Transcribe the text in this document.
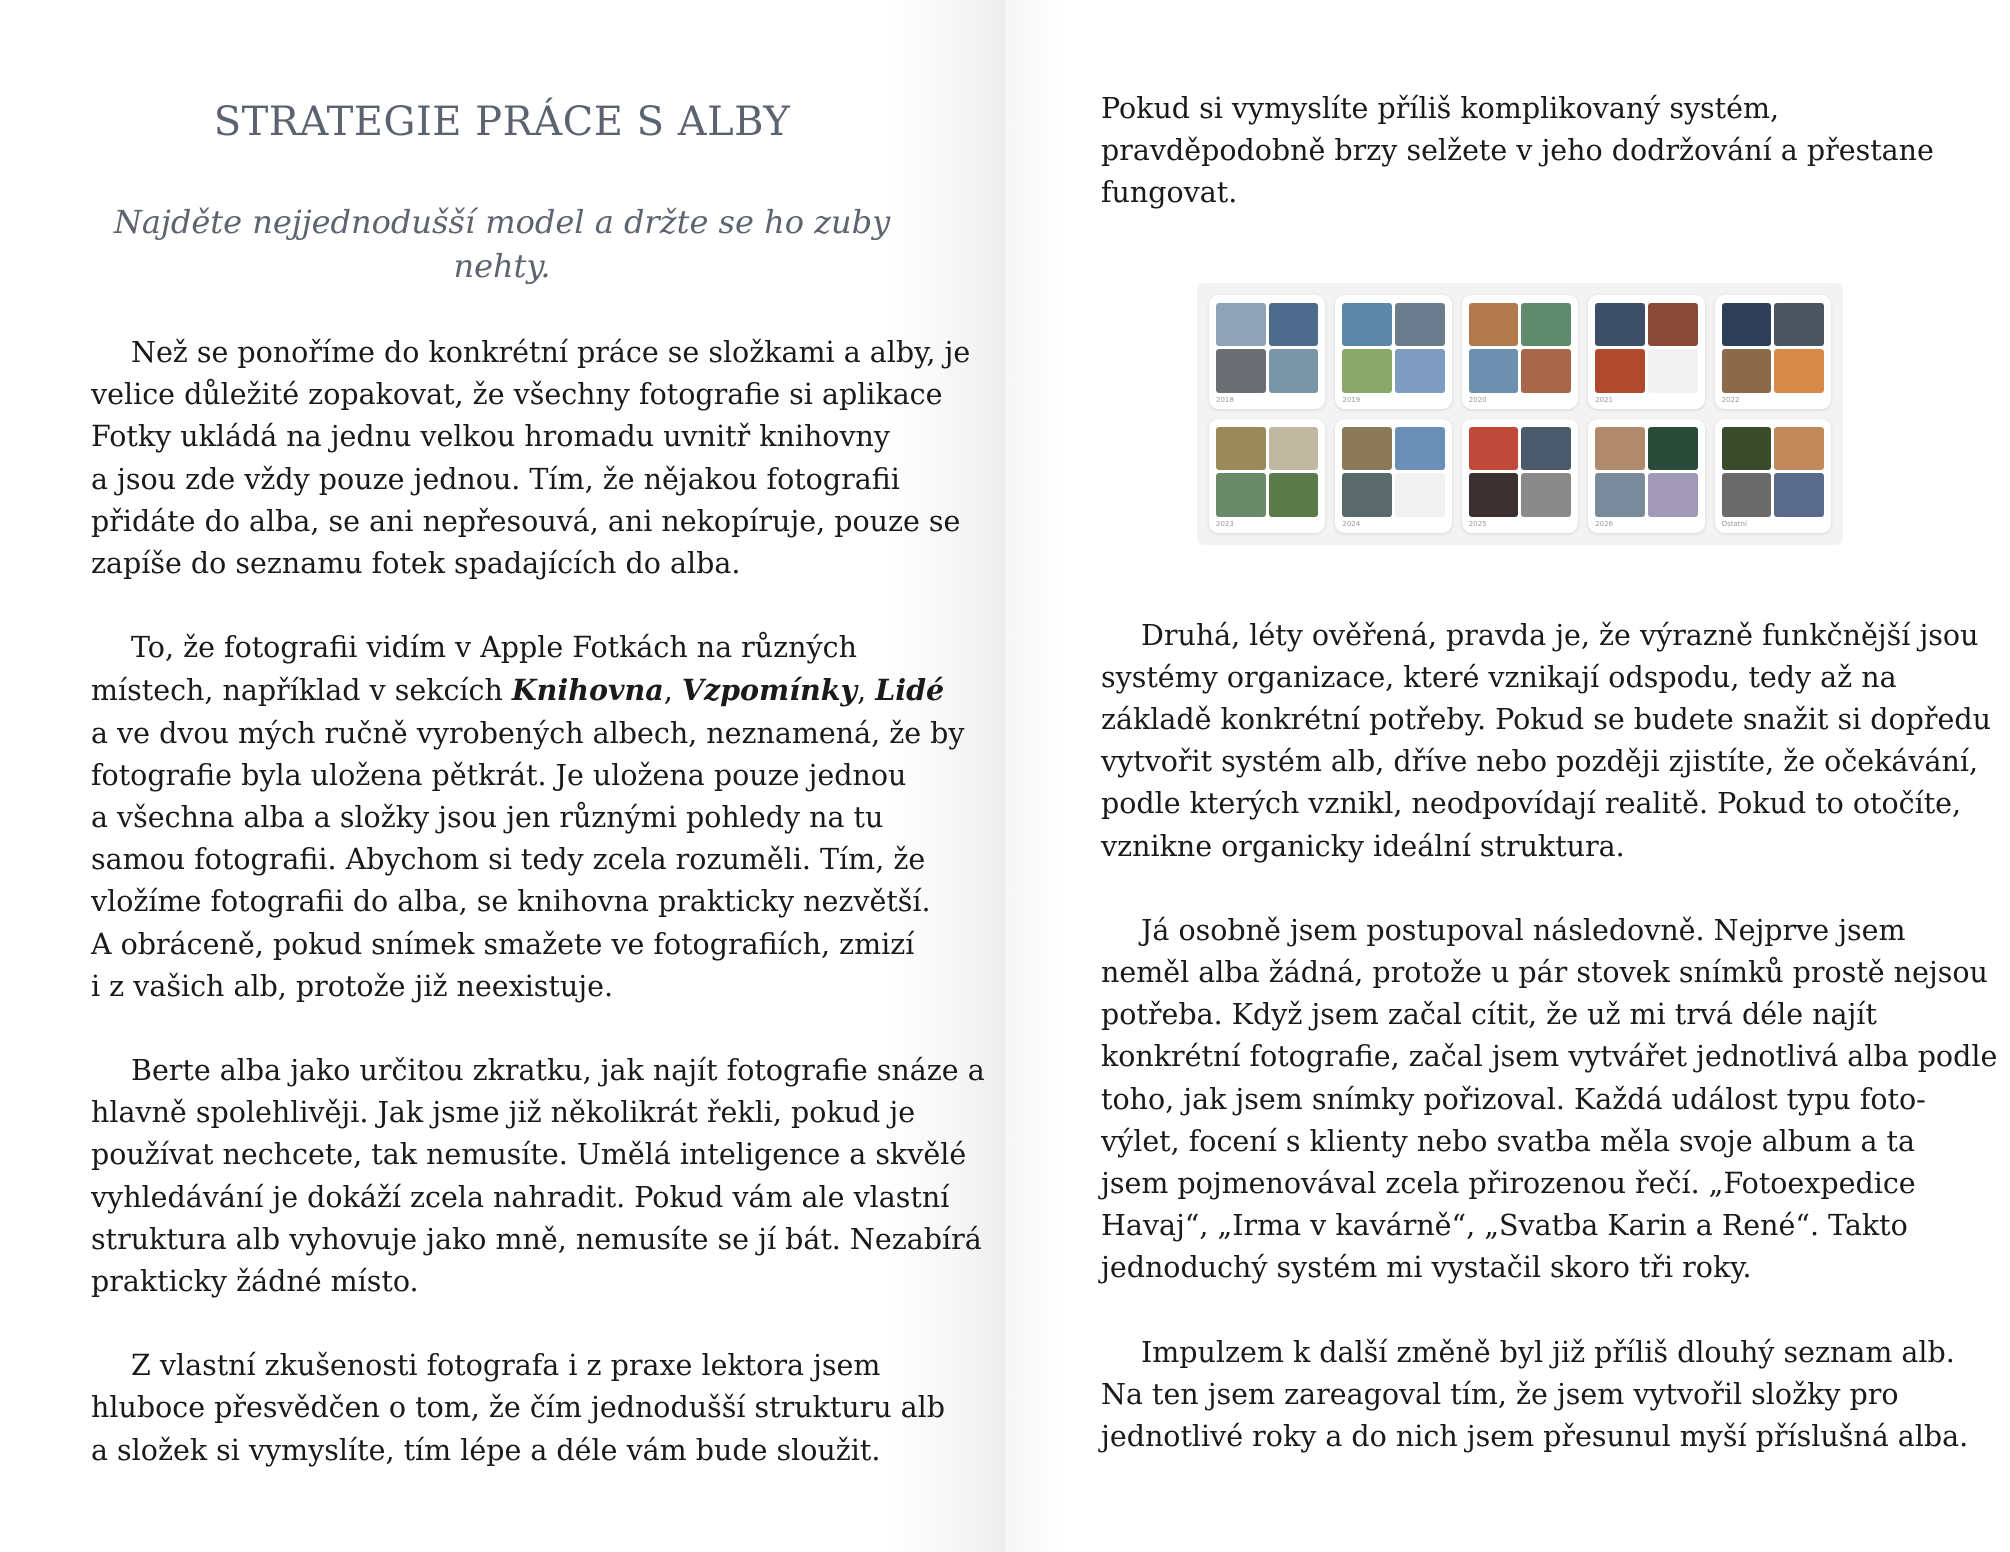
STRATEGIE PRÁCE S ALBY
Najděte nejjednodušší model a držte se ho zuby nehty.
Než se ponoříme do konkrétní práce se složkami a alby, je
velice důležité zopakovat, že všechny fotografie si aplikace
Fotky ukládá na jednu velkou hromadu uvnitř knihovny
a jsou zde vždy pouze jednou. Tím, že nějakou fotografii
přidáte do alba, se ani nepřesouvá, ani nekopíruje, pouze se
zapíše do seznamu fotek spadajících do alba.
To, že fotografii vidím v Apple Fotkách na různých
místech, například v sekcích Knihovna, Vzpomínky, Lidé
a ve dvou mých ručně vyrobených albech, neznamená, že by
fotografie byla uložena pětkrát. Je uložena pouze jednou
a všechna alba a složky jsou jen různými pohledy na tu
samou fotografii. Abychom si tedy zcela rozuměli. Tím, že
vložíme fotografii do alba, se knihovna prakticky nezvětší.
A obráceně, pokud snímek smažete ve fotografiích, zmizí
i z vašich alb, protože již neexistuje.
Berte alba jako určitou zkratku, jak najít fotografie snáze a
hlavně spolehlivěji. Jak jsme již několikrát řekli, pokud je
používat nechcete, tak nemusíte. Umělá inteligence a skvělé
vyhledávání je dokáží zcela nahradit. Pokud vám ale vlastní
struktura alb vyhovuje jako mně, nemusíte se jí bát. Nezabírá
prakticky žádné místo.
Z vlastní zkušenosti fotografa i z praxe lektora jsem
hluboce přesvědčen o tom, že čím jednodušší strukturu alb
a složek si vymyslíte, tím lépe a déle vám bude sloužit.
Pokud si vymyslíte příliš komplikovaný systém,
pravděpodobně brzy selžete v jeho dodržování a přestane
fungovat.
2018	2019	2020	2021	2022
2023	2024	2025	2026	Ostatní
Druhá, léty ověřená, pravda je, že výrazně funkčnější jsou
systémy organizace, které vznikají odspodu, tedy až na
základě konkrétní potřeby. Pokud se budete snažit si dopředu
vytvořit systém alb, dříve nebo později zjistíte, že očekávání,
podle kterých vznikl, neodpovídají realitě. Pokud to otočíte,
vznikne organicky ideální struktura.
Já osobně jsem postupoval následovně. Nejprve jsem
neměl alba žádná, protože u pár stovek snímků prostě nejsou
potřeba. Když jsem začal cítit, že už mi trvá déle najít
konkrétní fotografie, začal jsem vytvářet jednotlivá alba podle
toho, jak jsem snímky pořizoval. Každá událost typu foto-
výlet, focení s klienty nebo svatba měla svoje album a ta
jsem pojmenovával zcela přirozenou řečí. „Fotoexpedice
Havaj“, „Irma v kavárně“, „Svatba Karin a René“. Takto
jednoduchý systém mi vystačil skoro tři roky.
Impulzem k další změně byl již příliš dlouhý seznam alb.
Na ten jsem zareagoval tím, že jsem vytvořil složky pro
jednotlivé roky a do nich jsem přesunul myší příslušná alba.
